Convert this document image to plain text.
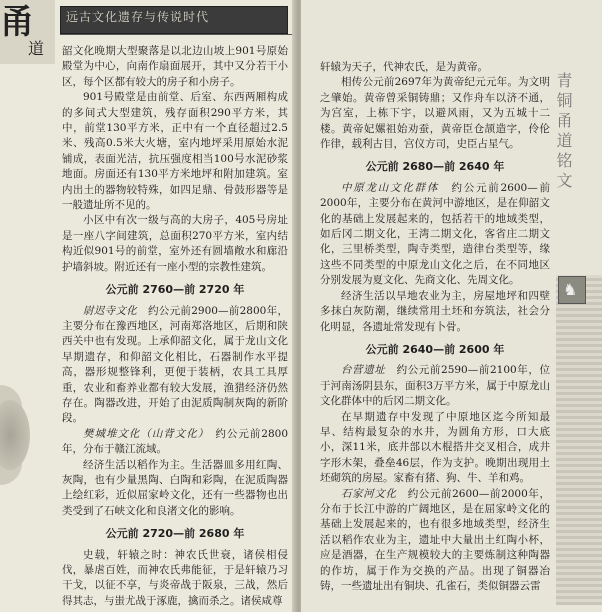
甬
道
远古文化遗存与传说时代

韶文化晚期大型聚落是以北边山坡上901号原始殿堂为中心，向南作扇面展开，其中又分若干小区，每个区都有较大的房子和小房子。

901号殿堂是由前堂、后室、东西两厢构成的多间式大型建筑，残存面积290平方米，其中，前堂130平方米，正中有一个直径超过2.5米、残高0.5米大火塘，室内地坪采用原始水泥铺成，表面光洁，抗压强度相当100号水泥砂浆地面。房面还有130平方米地坪和附加建筑。室内出土的器物较特殊，如四足鼎、骨鼓形器等是一般遗址所不见的。

小区中有次一级与高的大房子，405号房址是一座八字间建筑，总面积270平方米，室内结构近似901号的前堂，室外还有圆墙敞水和廊沿护墙斜坡。附近还有一座小型的宗教性建筑。

公元前 2760—前 2720 年

尉迟寺文化　 约公元前2900—前2800年，主要分布在豫西地区，河南郑洛地区，后期和陕西关中也有发现。上承仰韶文化，属于龙山文化早期遗存，和仰韶文化相比，石器制作水平提高，器形规整锋利，更便于装柄，农具工具厚重，农业和畜养业都有较大发展，渔猎经济仍然存在。陶器改进，开始了由泥质陶制灰陶的新阶段。

樊城堆文化（山背文化）　 约公元前2800年，分布于赣江流域。

经济生活以稻作为主。生活器皿多用红陶、灰陶，也有少量黑陶、白陶和彩陶，在泥质陶器上绘红彩，近似屈家岭文化，还有一些器物也出类受到了石峡文化和良渚文化的影响。

公元前 2720—前 2680 年

史载，轩辕之时：神农氏世衰，诸侯相侵伐，暴虐百姓，而神农氏弗能征，于是轩辕乃习干戈，以征不享，与炎帝战于阪泉，三战，然后得其志，与蚩尤战于涿鹿，擒而杀之。诸侯咸尊

轩辕为天子，代神农氏，是为黄帝。

相传公元前2697年为黄帝纪元元年。为文明之肇始。黄帝曾采铜铸鼎；又作舟车以济不通，为宫室，上栋下宇，以避风雨，又为五城十二楼。黄帝妃嫘祖始劝蚕，黄帝臣仓颉造字，伶伦作律，载利古目，宫仪方司，史臣占星气。

公元前 2680—前 2640 年

中原龙山文化群体　 约公元前2600—前2000年，主要分布在黄河中游地区，是在仰韶文化的基础上发展起来的，包括若干的地域类型，如后冈二期文化，王湾二期文化，客省庄二期文化，三里桥类型，陶寺类型，造律台类型等，缘这些不同类型的中原龙山文化之后，在不同地区分别发展为夏文化、先商文化、先周文化。

经济生活以旱地农业为主，房屋地坪和四壁多抹白灰防潮，继续常用土坯和夯筑法，社会分化明显，各遗址常发现有卜骨。

公元前 2640—前 2600 年

台营遗址　 约公元前2590—前2100年，位于河南汤阴县东，面积3万平方米，属于中原龙山文化群体中的后冈二期文化。

在早期遗存中发现了中原地区迄今所知最早、结构最复杂的水井，为圆角方形，口大底小，深11米，底井部以木棍搭井交叉相合，成井字形木架，叠垒46层，作为支护。晚期出现用土坯砌筑的房屋。家畜有猪、狗、牛、羊和鸡。

石家河文化　 约公元前2600—前2000年，分布于长江中游的广阔地区，是在屈家岭文化的基础上发展起来的，也有很多地域类型，经济生活以稻作农业为主，遗址中大量出土红陶小杯，应是酒器，在生产规模较大的主要炼制这种陶器的作坊，属于作为交换的产品。出现了铜器冶铸，一些遗址出有铜块、孔雀石，类似铜器云雷

青铜甬道铭文
♞
